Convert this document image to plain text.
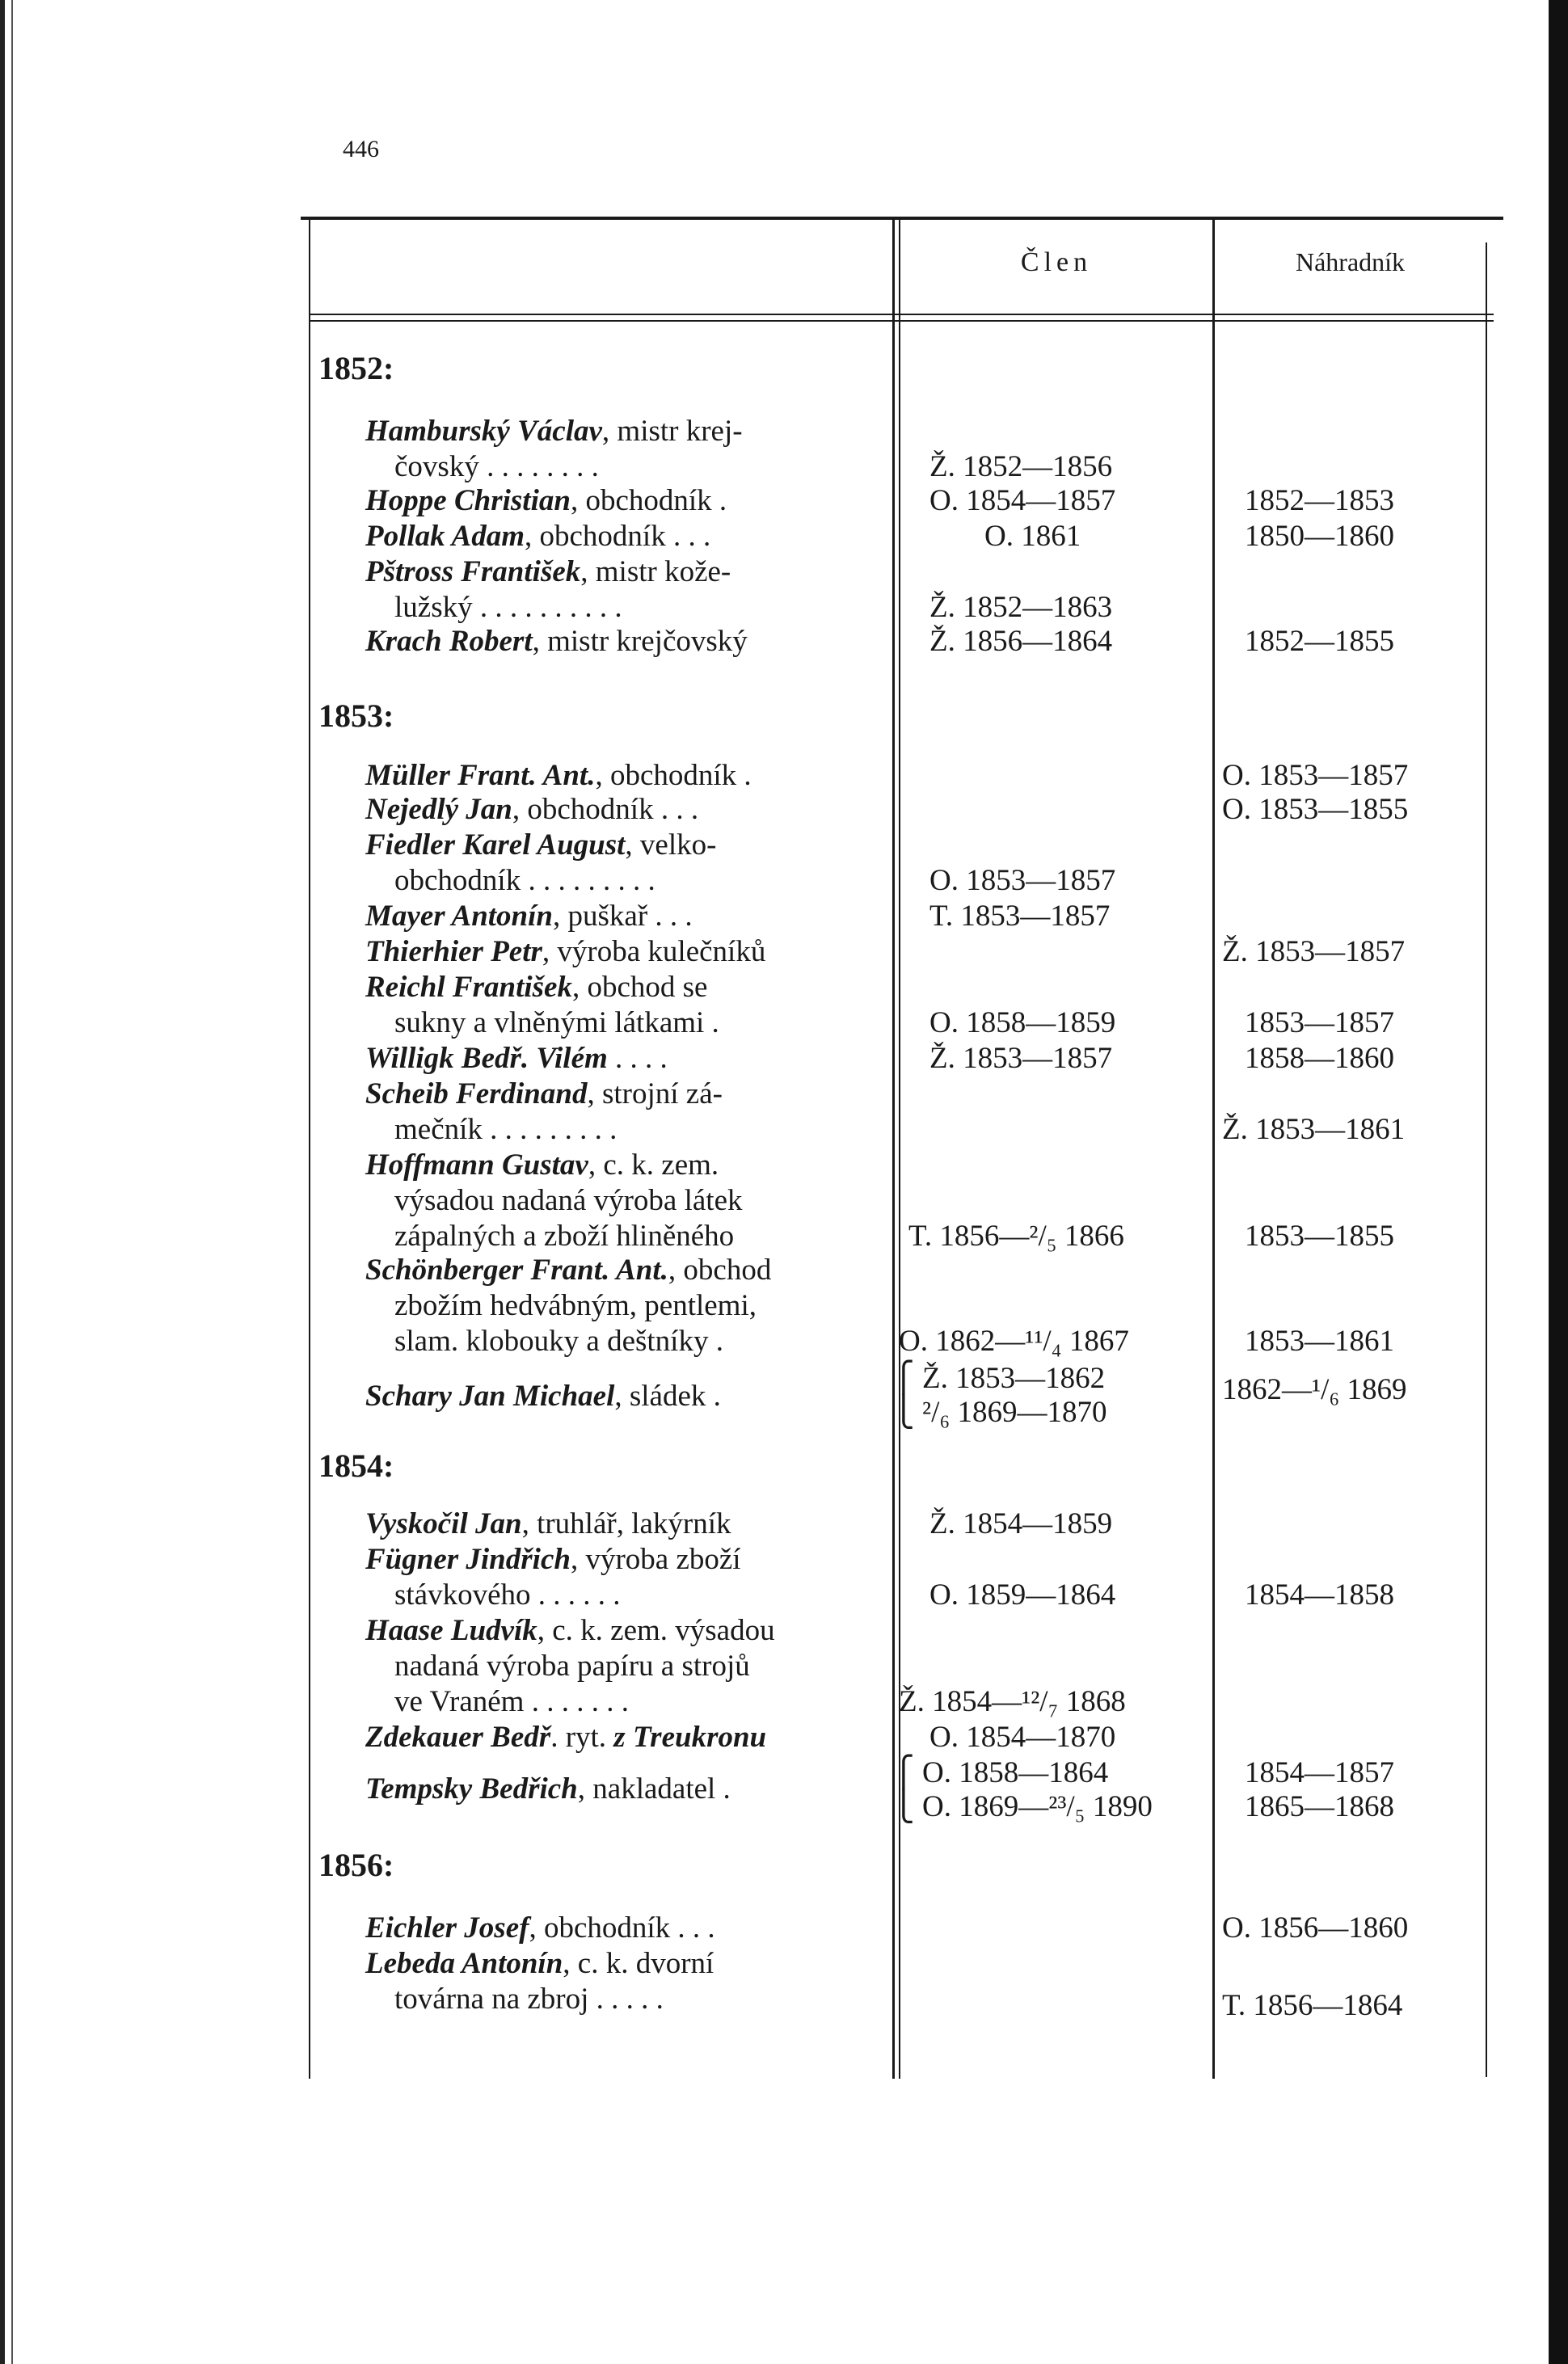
446
Člen	Náhradník
1852:
1853:
1854:
1856:
Hamburský Václav, mistr krej-
čovský . . . . . . . .
Hoppe Christian, obchodník .
Pollak Adam, obchodník . . .
Pštross František, mistr kože-
lužský . . . . . . . . . .
Krach Robert, mistr krejčovský
Müller Frant. Ant., obchodník .
Nejedlý Jan, obchodník . . .
Fiedler Karel August, velko-
obchodník . . . . . . . . .
Mayer Antonín, puškař . . .
Thierhier Petr, výroba kulečníků
Reichl František, obchod se
sukny a vlněnými látkami .
Willigk Bedř. Vilém . . . .
Scheib Ferdinand, strojní zá-
mečník . . . . . . . . .
Hoffmann Gustav, c. k. zem.
výsadou nadaná výroba látek
zápalných a zboží hliněného
Schönberger Frant. Ant., obchod
zbožím hedvábným, pentlemi,
slam. klobouky a deštníky .
Schary Jan Michael, sládek .
Vyskočil Jan, truhlář, lakýrník
Fügner Jindřich, výroba zboží
stávkového . . . . . .
Haase Ludvík, c. k. zem. výsadou
nadaná výroba papíru a strojů
ve Vraném . . . . . . .
Zdekauer Bedř. ryt. z Treukronu
Tempsky Bedřich, nakladatel .
Eichler Josef, obchodník . . .
Lebeda Antonín, c. k. dvorní
továrna na zbroj . . . . .
Ž. 1852—1856
O. 1854—1857
O. 1861
Ž. 1852—1863
Ž. 1856—1864
O. 1853—1857
T. 1853—1857
O. 1858—1859
Ž. 1853—1857
T. 1856—²/₅ 1866
O. 1862—¹¹/₄ 1867
⎧ Ž. 1853—1862
⎩ ²/₆ 1869—1870
Ž. 1854—1859
O. 1859—1864
Ž. 1854—¹²/₇ 1868
O. 1854—1870
⎧ O. 1858—1864
⎩ O. 1869—²³/₅ 1890
1852—1853
1850—1860
1852—1855
O. 1853—1857
O. 1853—1855
Ž. 1853—1857
1853—1857
1858—1860
Ž. 1853—1861
1853—1855
1853—1861
1862—¹/₆ 1869
1854—1858
1854—1857
1865—1868
O. 1856—1860
T. 1856—1864
